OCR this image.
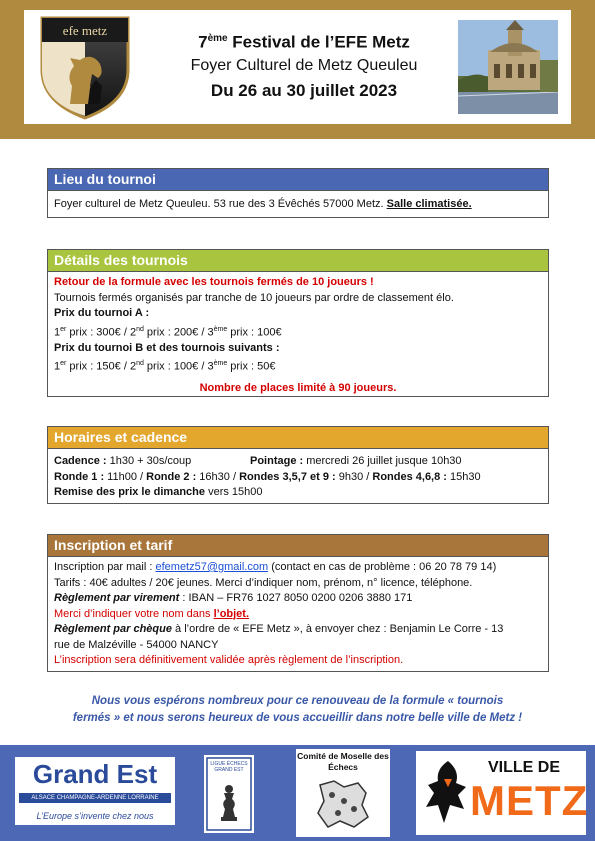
efe metz
7ème Festival de l’EFE Metz
Foyer Culturel de Metz Queuleu
Du 26 au 30 juillet 2023
Lieu du tournoi
Foyer culturel de Metz Queuleu. 53 rue des 3 Évêchés 57000 Metz. Salle climatisée.
Détails des tournois
Retour de la formule avec les tournois fermés de 10 joueurs !
Tournois fermés organisés par tranche de 10 joueurs par ordre de classement élo.
Prix du tournoi A :
1er prix : 300€ / 2nd prix : 200€ / 3ème prix : 100€
Prix du tournoi B et des tournois suivants :
1er prix : 150€ / 2nd prix : 100€ / 3ème prix : 50€
Nombre de places limité à 90 joueurs.
Horaires et cadence
Cadence : 1h30 + 30s/coup	Pointage : mercredi 26 juillet jusque 10h30
Ronde 1 : 11h00 / Ronde 2 : 16h30 / Rondes 3,5,7 et 9 : 9h30 / Rondes 4,6,8 : 15h30
Remise des prix le dimanche vers 15h00
Inscription et tarif
Inscription par mail : efemetz57@gmail.com (contact en cas de problème : 06 20 78 79 14)
Tarifs : 40€ adultes / 20€ jeunes. Merci d’indiquer nom, prénom, n° licence, téléphone.
Règlement par virement : IBAN – FR76 1027 8050 0200 0206 3880 171
Merci d’indiquer votre nom dans l’objet.
Règlement par chèque à l’ordre de « EFE Metz », à envoyer chez : Benjamin Le Corre - 13
rue de Malzéville - 54000 NANCY
L’inscription sera définitivement validée après règlement de l’inscription.
Nous vous espérons nombreux pour ce renouveau de la formule « tournois
fermés » et nous serons heureux de vous accueillir dans notre belle ville de Metz !
Grand Est
ALSACE CHAMPAGNE-ARDENNE LORRAINE
L’Europe s’invente chez nous
LIGUE ÉCHECS GRAND EST
Comité de Moselle des Échecs	VILLE DE
METZ
